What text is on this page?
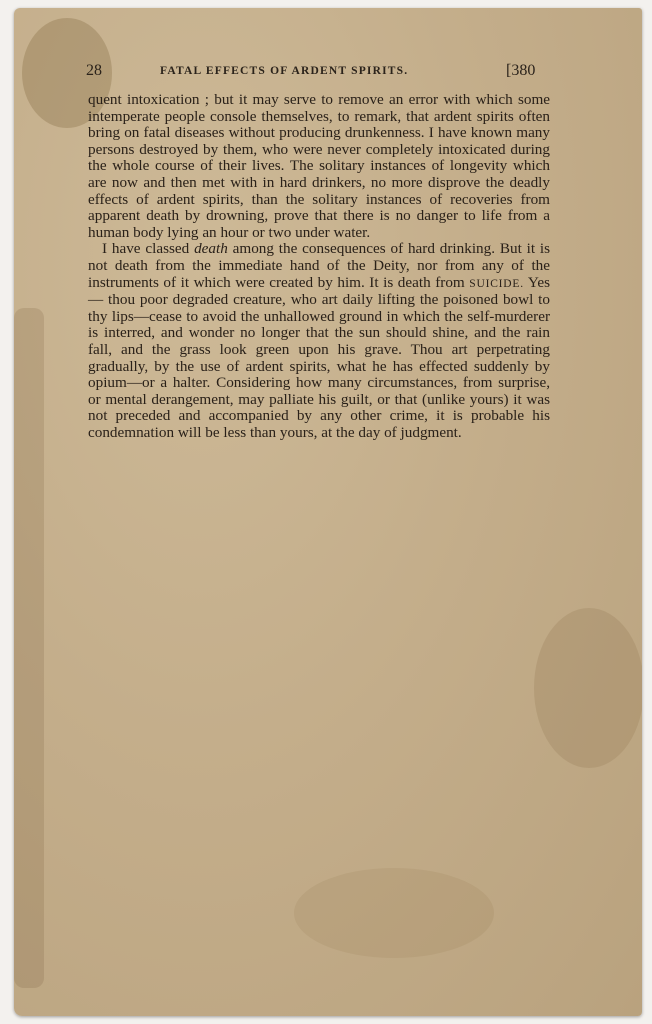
28	FATAL EFFECTS OF ARDENT SPIRITS.	[380

quent intoxication ; but it may serve to remove an error with which some intemperate people console themselves, to remark, that ardent spirits often bring on fatal diseases without producing drunkenness. I have known many persons destroyed by them, who were never completely intoxicated during the whole course of their lives. The solitary instances of longevity which are now and then met with in hard drinkers, no more disprove the deadly effects of ardent spirits, than the solitary instances of recoveries from apparent death by drowning, prove that there is no danger to life from a human body lying an hour or two under water.

I have classed death among the consequences of hard drinking. But it is not death from the immediate hand of the Deity, nor from any of the instruments of it which were created by him. It is death from SUICIDE. Yes— thou poor degraded creature, who art daily lifting the poisoned bowl to thy lips—cease to avoid the unhallowed ground in which the self-murderer is interred, and wonder no longer that the sun should shine, and the rain fall, and the grass look green upon his grave. Thou art perpetrating gradually, by the use of ardent spirits, what he has effected suddenly by opium—or a halter. Considering how many circumstances, from surprise, or mental derangement, may palliate his guilt, or that (unlike yours) it was not preceded and accompanied by any other crime, it is probable his condemnation will be less than yours, at the day of judgment.
